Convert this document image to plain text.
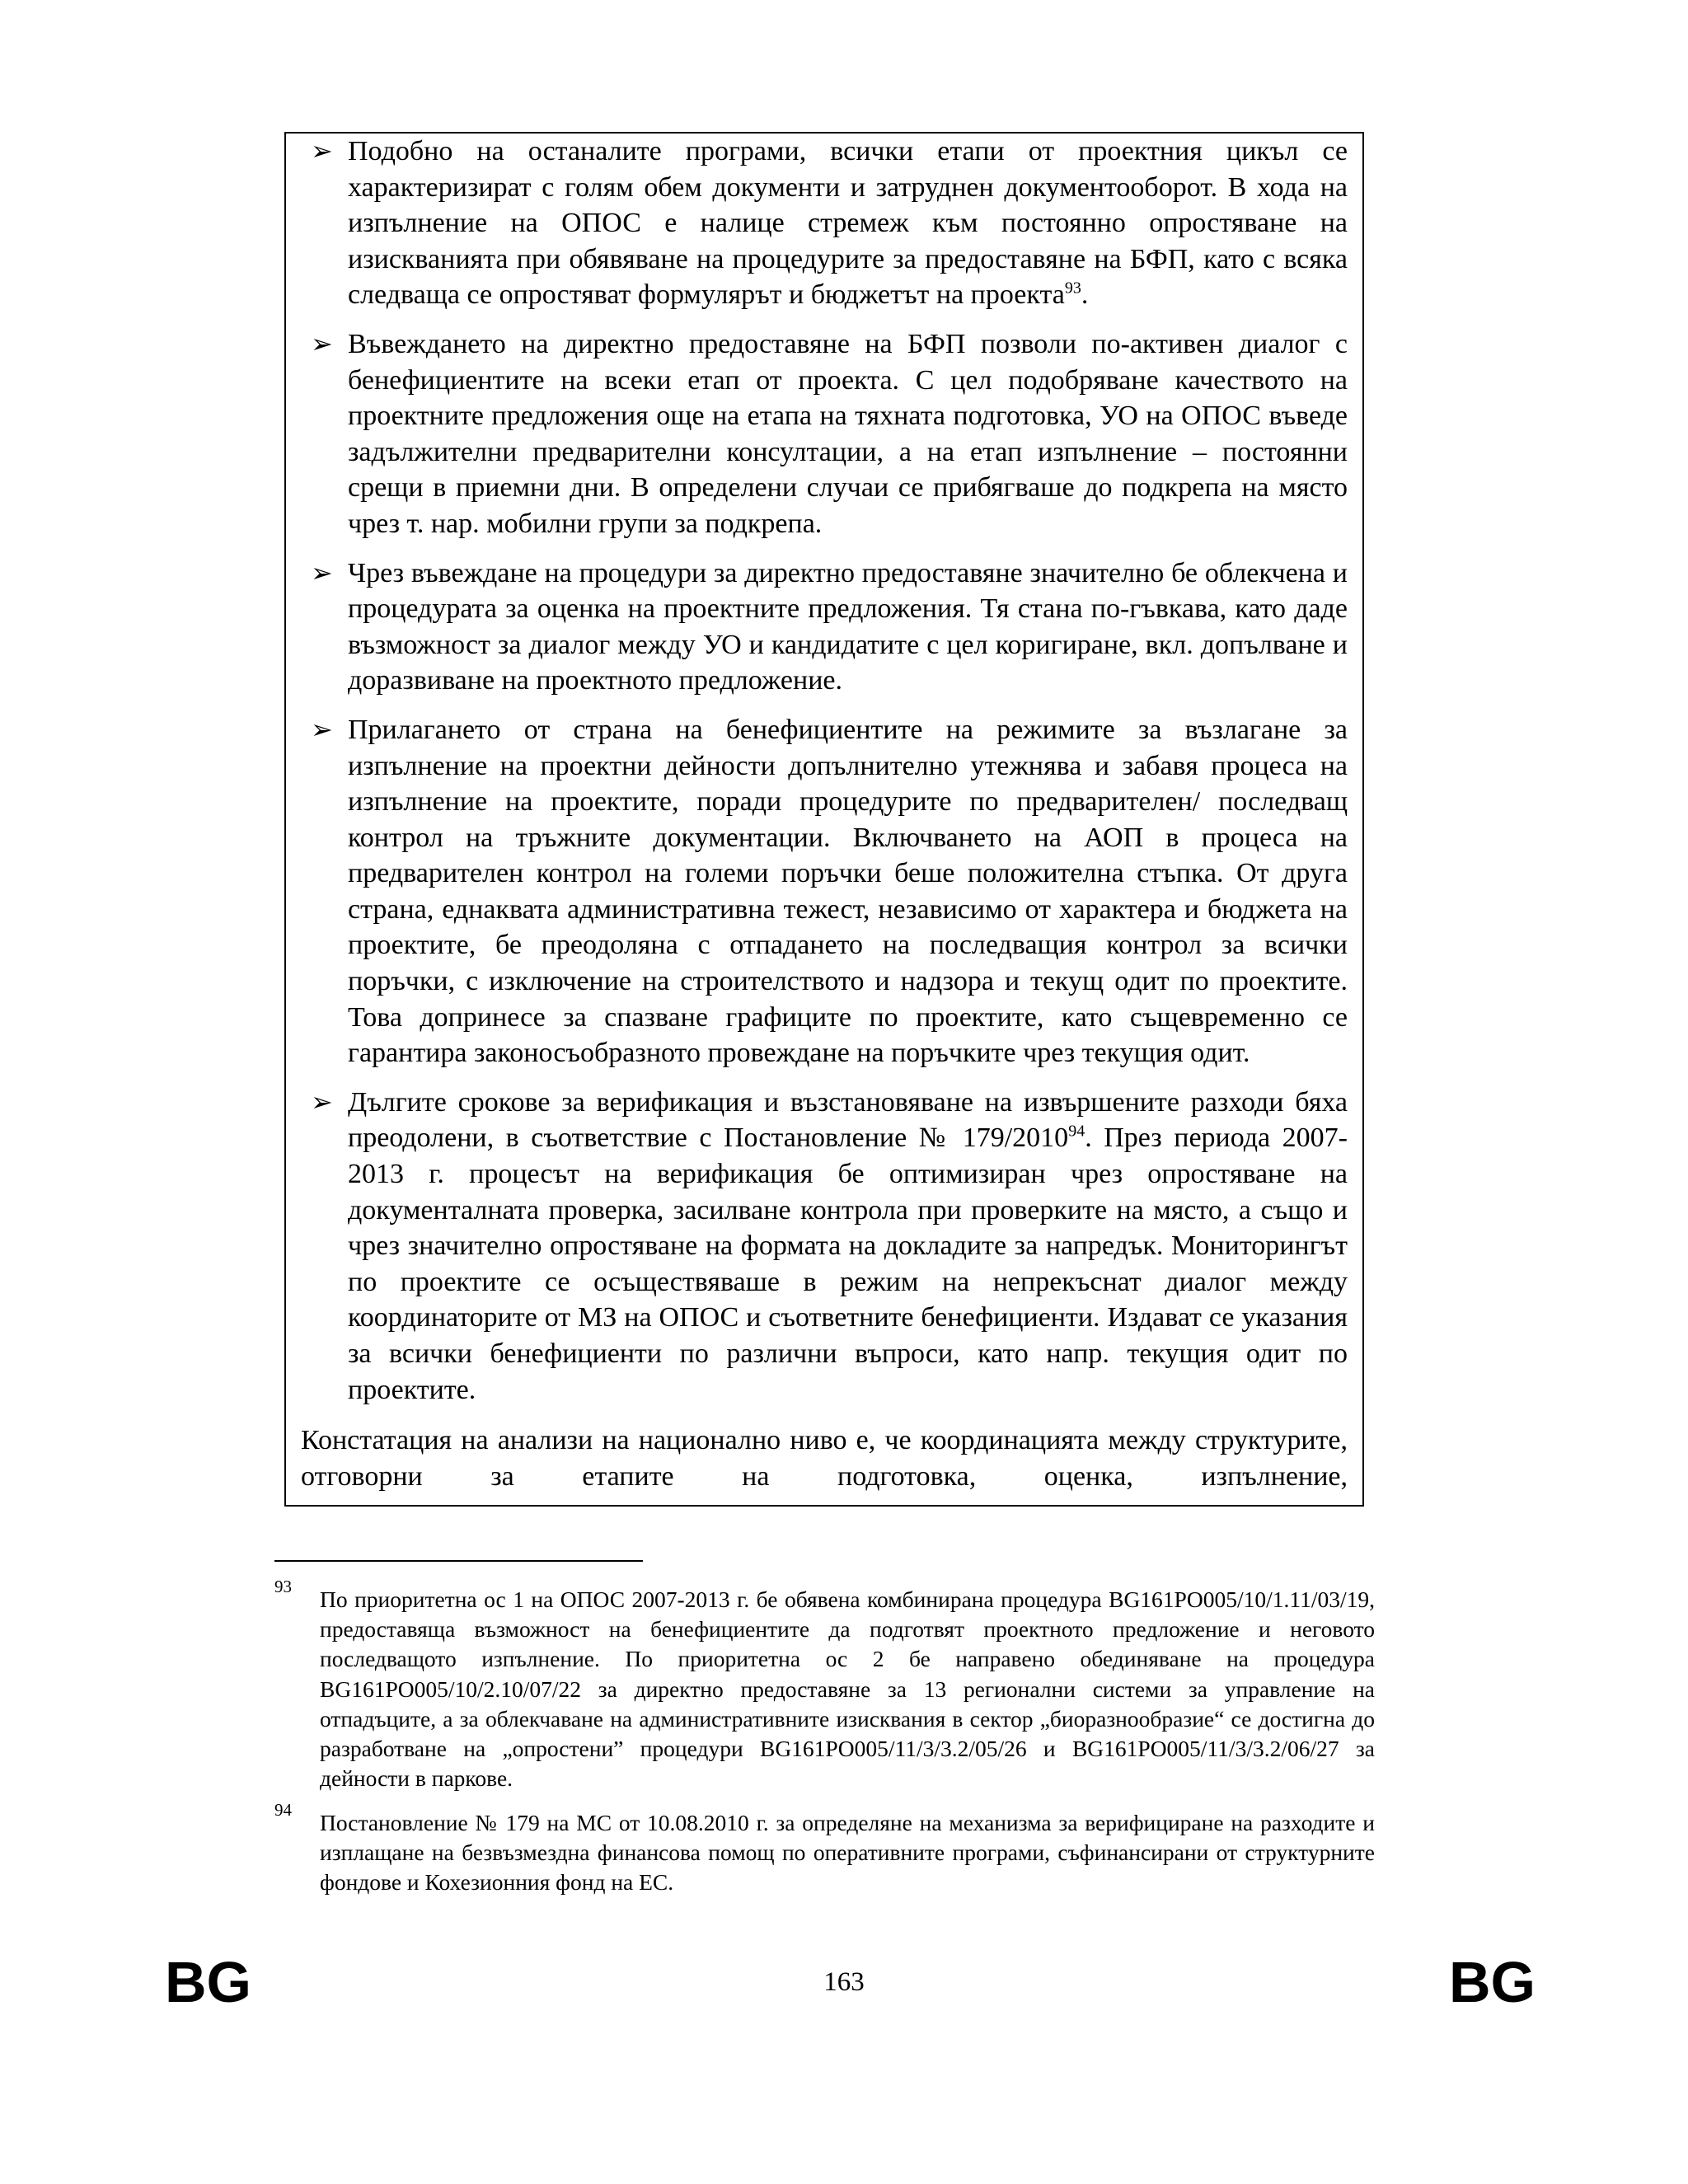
➢ Подобно на останалите програми, всички етапи от проектния цикъл се характеризират с голям обем документи и затруднен документооборот. В хода на изпълнение на ОПОС е налице стремеж към постоянно опростяване на изискванията при обявяване на процедурите за предоставяне на БФП, като с всяка следваща се опростяват формулярът и бюджетът на проекта$^{93}$.

➢ Въвеждането на директно предоставяне на БФП позволи по-активен диалог с бенефициентите на всеки етап от проекта. С цел подобряване качеството на проектните предложения още на етапа на тяхната подготовка, УО на ОПОС въведе задължителни предварителни консултации, а на етап изпълнение – постоянни срещи в приемни дни. В определени случаи се прибягваше до подкрепа на място чрез т. нар. мобилни групи за подкрепа.

➢ Чрез въвеждане на процедури за директно предоставяне значително бе облекчена и процедурата за оценка на проектните предложения. Тя стана по-гъвкава, като даде възможност за диалог между УО и кандидатите с цел коригиране, вкл. допълване и доразвиване на проектното предложение.

➢ Прилагането от страна на бенефициентите на режимите за възлагане за изпълнение на проектни дейности допълнително утежнява и забавя процеса на изпълнение на проектите, поради процедурите по предварителен/ последващ контрол на тръжните документации. Включването на АОП в процеса на предварителен контрол на големи поръчки беше положителна стъпка. От друга страна, еднаквата административна тежест, независимо от характера и бюджета на проектите, бе преодоляна с отпадането на последващия контрол за всички поръчки, с изключение на строителството и надзора и текущ одит по проектите. Това допринесе за спазване графиците по проектите, като същевременно се гарантира законосъобразното провеждане на поръчките чрез текущия одит.

➢ Дългите срокове за верификация и възстановяване на извършените разходи бяха преодолени, в съответствие с Постановление № 179/2010$^{94}$. През периода 2007-2013 г. процесът на верификация бе оптимизиран чрез опростяване на документалната проверка, засилване контрола при проверките на място, а също и чрез значително опростяване на формата на докладите за напредък. Мониторингът по проектите се осъществяваше в режим на непрекъснат диалог между координаторите от МЗ на ОПОС и съответните бенефициенти. Издават се указания за всички бенефициенти по различни въпроси, като напр. текущия одит по проектите.

Констатация на анализи на национално ниво е, че координацията между структурите, отговорни за етапите на подготовка, оценка, изпълнение,

93 По приоритетна ос 1 на ОПОС 2007-2013 г. бе обявена комбинирана процедура BG161PO005/10/1.11/03/19, предоставяща възможност на бенефициентите да подготвят проектното предложение и неговото последващото изпълнение. По приоритетна ос 2 бе направено обединяване на процедура BG161PO005/10/2.10/07/22 за директно предоставяне за 13 регионални системи за управление на отпадъците, а за облекчаване на административните изисквания в сектор „биоразнообразие“ се достигна до разработване на „опростени” процедури BG161PO005/11/3/3.2/05/26 и BG161PO005/11/3/3.2/06/27 за дейности в паркове.

94 Постановление № 179 на МС от 10.08.2010 г. за определяне на механизма за верифициране на разходите и изплащане на безвъзмездна финансова помощ по оперативните програми, съфинансирани от структурните фондове и Кохезионния фонд на ЕС.

BG	163	BG
